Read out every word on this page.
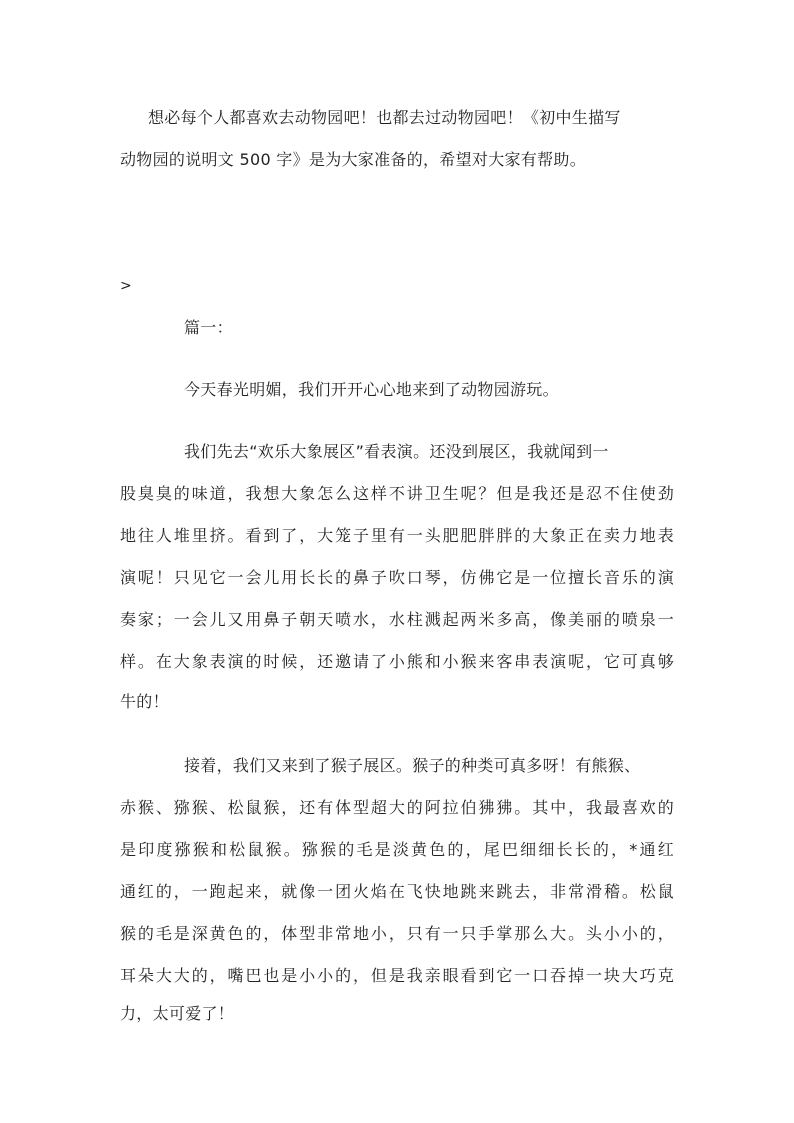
想必每个人都喜欢去动物园吧！也都去过动物园吧！《初中生描写
动物园的说明文 500 字》是为大家准备的，希望对大家有帮助。
>
篇一：
今天春光明媚，我们开开心心地来到了动物园游玩。
我们先去“欢乐大象展区”看表演。还没到展区，我就闻到一
股臭臭的味道，我想大象怎么这样不讲卫生呢？但是我还是忍不住使劲
地往人堆里挤。看到了，大笼子里有一头肥肥胖胖的大象正在卖力地表
演呢！只见它一会儿用长长的鼻子吹口琴，仿佛它是一位擅长音乐的演
奏家；一会儿又用鼻子朝天喷水，水柱溅起两米多高，像美丽的喷泉一
样。在大象表演的时候，还邀请了小熊和小猴来客串表演呢，它可真够
牛的！
接着，我们又来到了猴子展区。猴子的种类可真多呀！有熊猴、
赤猴、猕猴、松鼠猴，还有体型超大的阿拉伯狒狒。其中，我最喜欢的
是印度猕猴和松鼠猴。猕猴的毛是淡黄色的，尾巴细细长长的，*通红
通红的，一跑起来，就像一团火焰在飞快地跳来跳去，非常滑稽。松鼠
猴的毛是深黄色的，体型非常地小，只有一只手掌那么大。头小小的，
耳朵大大的，嘴巴也是小小的，但是我亲眼看到它一口吞掉一块大巧克
力，太可爱了！
